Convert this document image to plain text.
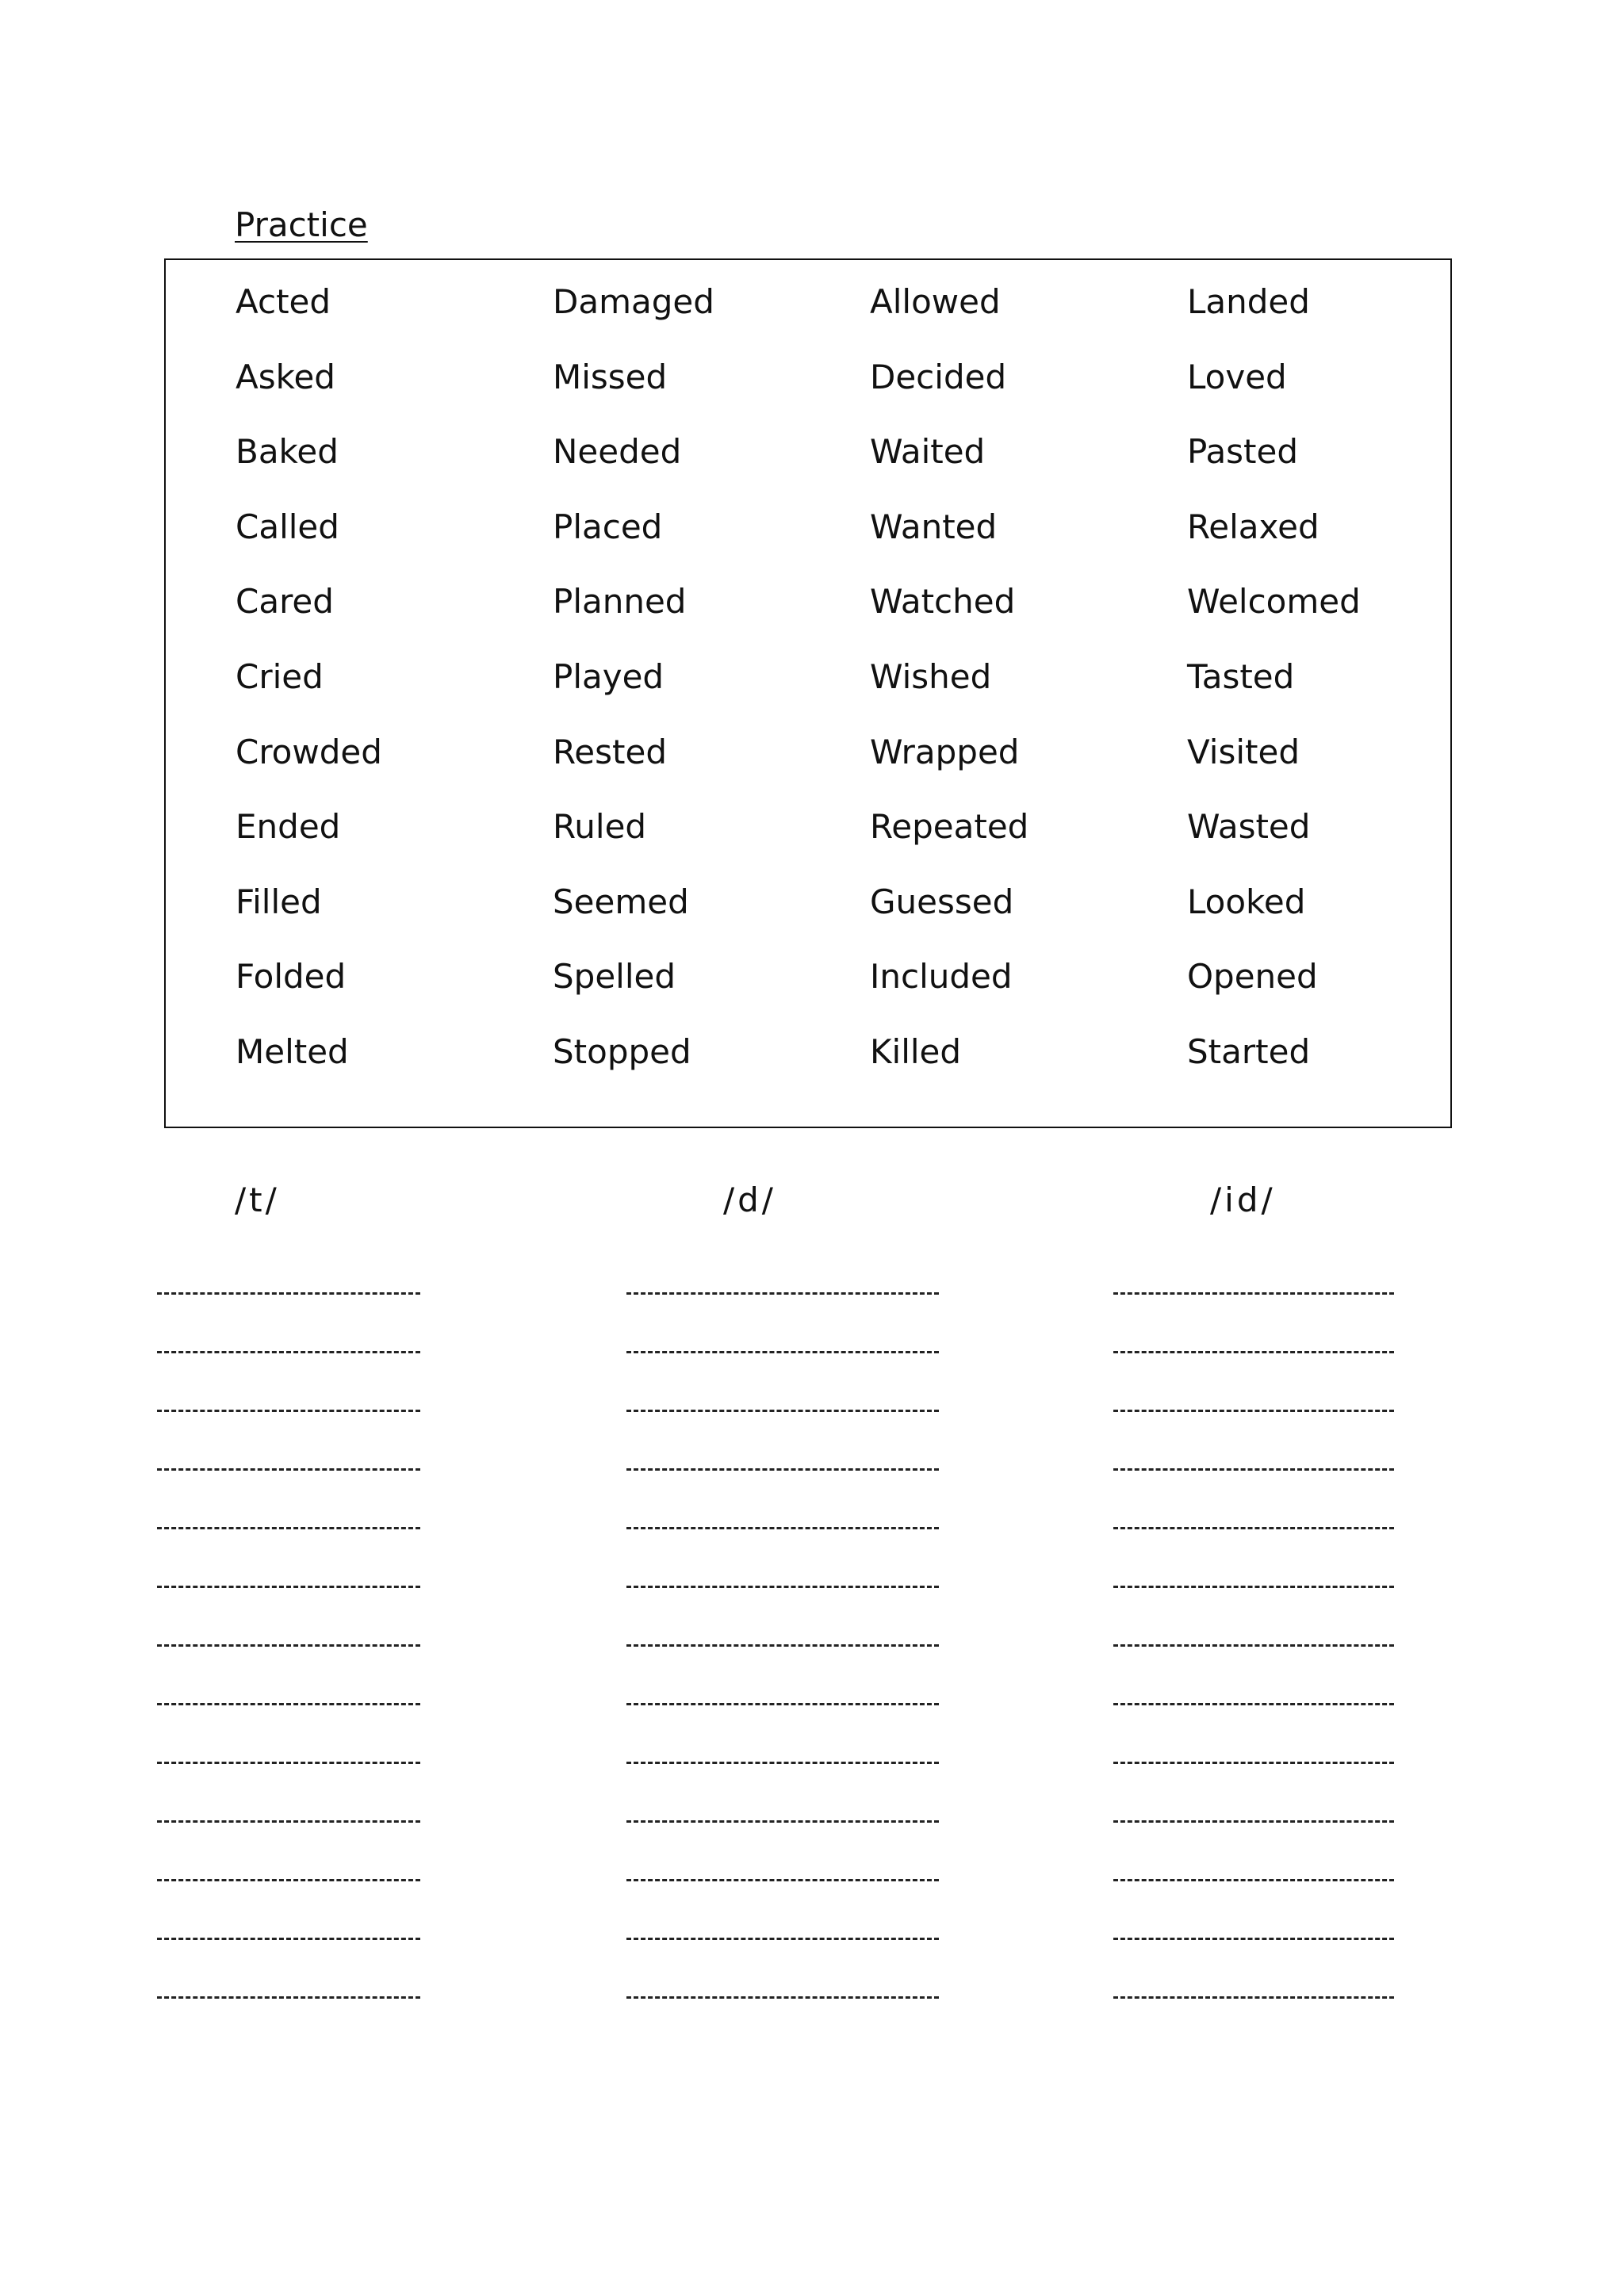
Practice
Acted	Damaged	Allowed	Landed
Asked	Missed	Decided	Loved
Baked	Needed	Waited	Pasted
Called	Placed	Wanted	Relaxed
Cared	Planned	Watched	Welcomed
Cried	Played	Wished	Tasted
Crowded	Rested	Wrapped	Visited
Ended	Ruled	Repeated	Wasted
Filled	Seemed	Guessed	Looked
Folded	Spelled	Included	Opened
Melted	Stopped	Killed	Started
/t/	/d/	/id/
